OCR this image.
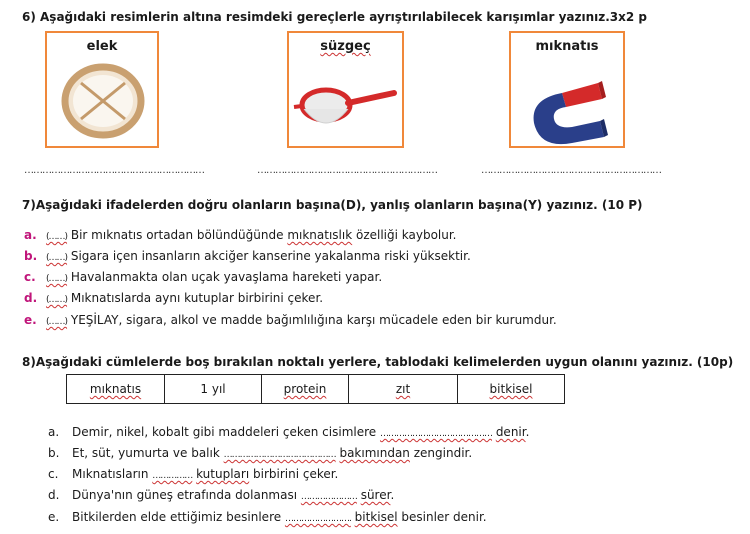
6) Aşağıdaki resimlerin altına resimdeki gereçlerle ayrıştırılabilecek karışımlar yazınız.3x2 p
elek	süzgeç	mıknatıs
……………………………………………………	……………………………………………………	……………………………………………………
7)Aşağıdaki ifadelerden doğru olanların başına(D), yanlış olanların başına(Y) yazınız. (10 P)
a. (……) Bir mıknatıs ortadan bölündüğünde mıknatıslık özelliği kaybolur.
b. (……) Sigara içen insanların akciğer kanserine yakalanma riski yüksektir.
c. (……) Havalanmakta olan uçak yavaşlama hareketi yapar.
d. (……) Mıknatıslarda aynı kutuplar birbirini çeker.
e. (……) YEŞİLAY, sigara, alkol ve madde bağımlılığına karşı mücadele eden bir kurumdur.
8)Aşağıdaki cümlelerde boş bırakılan noktalı yerlere, tablodaki kelimelerden uygun olanını yazınız. (10p)
mıknatıs	1 yıl	protein	zıt	bitkisel
a. Demir, nikel, kobalt gibi maddeleri çeken cisimlere …………………………………… denir.
b. Et, süt, yumurta ve balık …………………………………… bakımından zengindir.
c. Mıknatısların …………… kutupları birbirini çeker.
d. Dünya'nın güneş etrafında dolanması ………………… sürer.
e. Bitkilerden elde ettiğimiz besinlere ……………………. bitkisel besinler denir.
